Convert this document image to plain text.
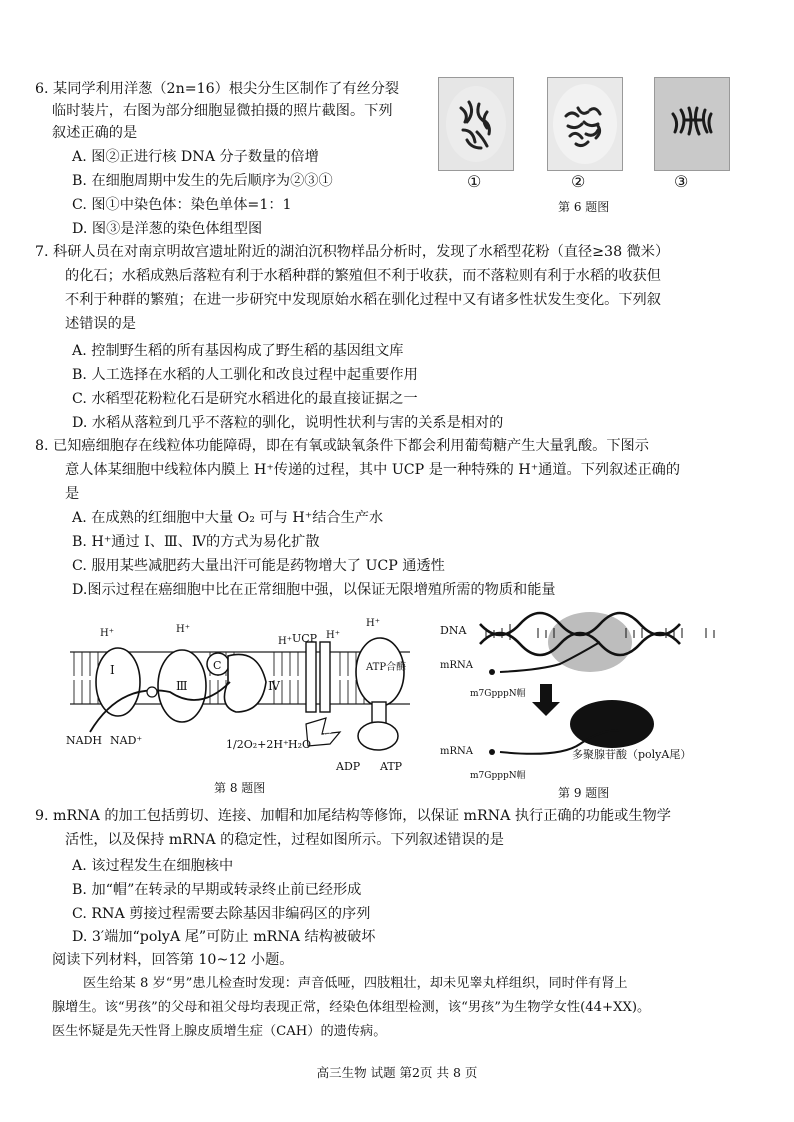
6. 某同学利用洋葱（2n=16）根尖分生区制作了有丝分裂
临时装片，右图为部分细胞显微拍摄的照片截图。下列
叙述正确的是
A. 图②正进行核 DNA 分子数量的倍增
B. 在细胞周期中发生的先后顺序为②③①
C. 图①中染色体：染色单体=1：1
D. 图③是洋葱的染色体组型图
①	②	③
第 6 题图
7. 科研人员在对南京明故宫遗址附近的湖泊沉积物样品分析时，发现了水稻型花粉（直径≥38 微米）
的化石；水稻成熟后落粒有利于水稻种群的繁殖但不利于收获，而不落粒则有利于水稻的收获但
不利于种群的繁殖；在进一步研究中发现原始水稻在驯化过程中又有诸多性状发生变化。下列叙
述错误的是
A. 控制野生稻的所有基因构成了野生稻的基因组文库
B. 人工选择在水稻的人工驯化和改良过程中起重要作用
C. 水稻型花粉粒化石是研究水稻进化的最直接证据之一
D. 水稻从落粒到几乎不落粒的驯化，说明性状利与害的关系是相对的
8. 已知癌细胞存在线粒体功能障碍，即在有氧或缺氧条件下都会利用葡萄糖产生大量乳酸。下图示
意人体某细胞中线粒体内膜上 H⁺传递的过程，其中 UCP 是一种特殊的 H⁺通道。下列叙述正确的
是
A. 在成熟的红细胞中大量 O₂ 可与 H⁺结合生产水
B. H⁺通过 Ⅰ、Ⅲ、Ⅳ的方式为易化扩散
C. 服用某些减肥药大量出汗可能是药物增大了 UCP 通透性
D.图示过程在癌细胞中比在正常细胞中强，以保证无限增殖所需的物质和能量
Ⅰ
Ⅲ
C
Ⅳ
UCP
ATP合酶
H⁺	H⁺
H⁺
H⁺
H⁺
NADH NAD⁺	1/2O₂+2H⁺ H₂O
热量
ADP ATP
第 8 题图
DNA
mRNA
m7GpppN帽
mRNA
m7GpppN帽
多聚腺苷酸（polyA尾）
第 9 题图
9. mRNA 的加工包括剪切、连接、加帽和加尾结构等修饰，以保证 mRNA 执行正确的功能或生物学
活性，以及保持 mRNA 的稳定性，过程如图所示。下列叙述错误的是
A. 该过程发生在细胞核中
B. 加“帽”在转录的早期或转录终止前已经形成
C. RNA 剪接过程需要去除基因非编码区的序列
D. 3′端加“polyA 尾”可防止 mRNA 结构被破坏
阅读下列材料，回答第 10~12 小题。
医生给某 8 岁“男”患儿检查时发现：声音低哑，四肢粗壮，却未见睾丸样组织，同时伴有肾上
腺增生。该“男孩”的父母和祖父母均表现正常，经染色体组型检测，该“男孩”为生物学女性(44+XX)。
医生怀疑是先天性肾上腺皮质增生症（CAH）的遗传病。
高三生物 试题 第2页 共 8 页
